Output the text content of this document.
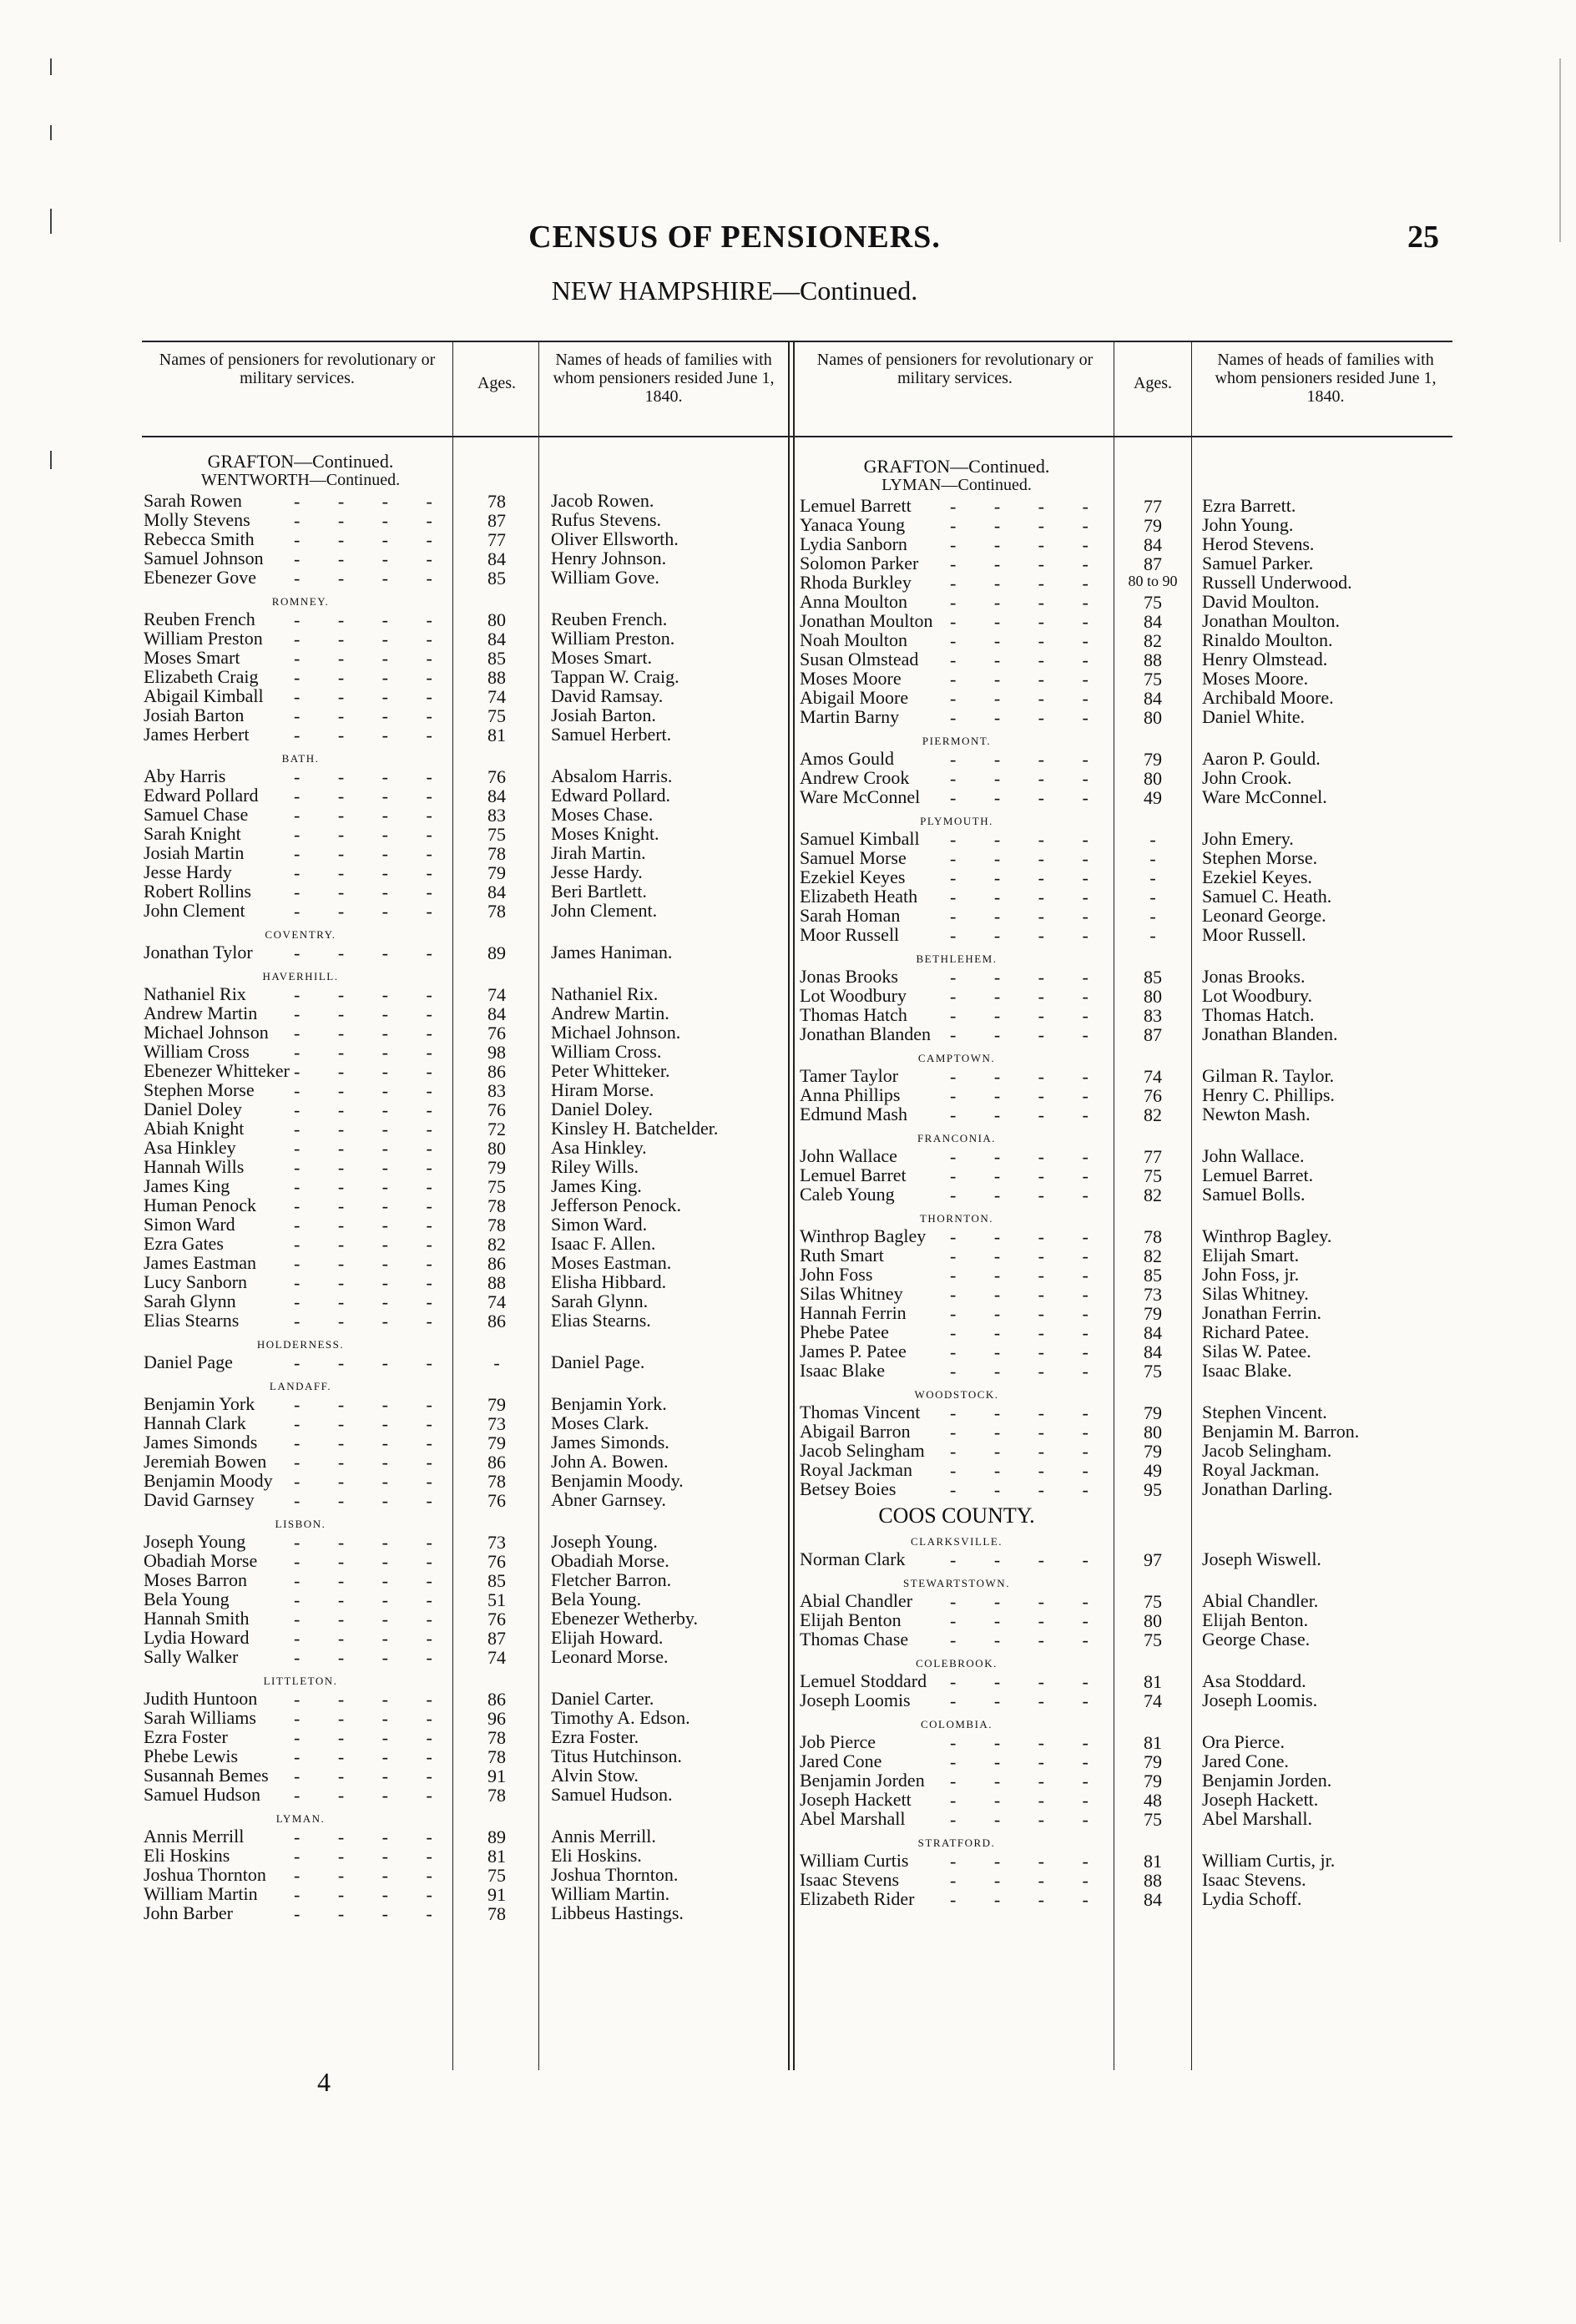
CENSUS OF PENSIONERS.	25
NEW HAMPSHIRE—Continued.
Names of pensioners for revolutionary or military services.	Ages.
Names of heads of families with whom pensioners resided June 1, 1840.
Names of pensioners for revolutionary or military services.	Ages.
Names of heads of families with whom pensioners resided June 1, 1840.
GRAFTON—Continued.
WENTWORTH—Continued.
Sarah Rowen	- - - -	78	Jacob Rowen.
Molly Stevens - - - -	87	Rufus Stevens.
Rebecca Smith - - - -	77	Oliver Ellsworth.
Samuel Johnson - - - -	84	Henry Johnson.
Ebenezer Gove - - - -	85	William Gove.
ROMNEY.
Reuben French - - - -	80	Reuben French.
William Preston - - - -	84	William Preston.
Moses Smart	- - - -	85	Moses Smart.
Elizabeth Craig - - - -	88	Tappan W. Craig.
Abigail Kimball - - - -	74	David Ramsay.
Josiah Barton	- - - -	75	Josiah Barton.
James Herbert - - - -	81	Samuel Herbert.
BATH.
Aby Harris	- - - -	76	Absalom Harris.
Edward Pollard - - - -	84	Edward Pollard.
Samuel Chase - - - -	83	Moses Chase.
Sarah Knight	- - - -	75	Moses Knight.
Josiah Martin	- - - -	78	Jirah Martin.
Jesse Hardy	- - - -	79	Jesse Hardy.
Robert Rollins - - - -	84	Beri Bartlett.
John Clement	- - - -	78	John Clement.
COVENTRY.
Jonathan Tylor - - - -	89	James Haniman.
HAVERHILL.
Nathaniel Rix	- - - -	74	Nathaniel Rix.
Andrew Martin - - - -	84	Andrew Martin.
Michael Johnson - - - -	76	Michael Johnson.
William Cross - - - -	98	William Cross.
Ebenezer Whitteker - - - -	86	Peter Whitteker.
Stephen Morse - - - -	83	Hiram Morse.
Daniel Doley	- - - -	76	Daniel Doley.
Abiah Knight	- - - -	72	Kinsley H. Batchelder.
Asa Hinkley	- - - -	80	Asa Hinkley.
Hannah Wills	- - - -	79	Riley Wills.
James King	- - - -	75	James King.
Human Penock - - - -	78	Jefferson Penock.
Simon Ward	- - - -	78	Simon Ward.
Ezra Gates	- - - -	82	Isaac F. Allen.
James Eastman - - - -	86	Moses Eastman.
Lucy Sanborn	- - - -	88	Elisha Hibbard.
Sarah Glynn	- - - -	74	Sarah Glynn.
Elias Stearns	- - - -	86	Elias Stearns.
HOLDERNESS.
Daniel Page	- - - -	-	Daniel Page.
LANDAFF.
Benjamin York - - - -	79	Benjamin York.
Hannah Clark	- - - -	73	Moses Clark.
James Simonds - - - -	79	James Simonds.
Jeremiah Bowen - - - -	86	John A. Bowen.
Benjamin Moody - - - -	78	Benjamin Moody.
David Garnsey - - - -	76	Abner Garnsey.
LISBON.
Joseph Young	- - - -	73	Joseph Young.
Obadiah Morse - - - -	76	Obadiah Morse.
Moses Barron	- - - -	85	Fletcher Barron.
Bela Young	- - - -	51	Bela Young.
Hannah Smith - - - -	76	Ebenezer Wetherby.
Lydia Howard - - - -	87	Elijah Howard.
Sally Walker	- - - -	74	Leonard Morse.
LITTLETON.
Judith Huntoon - - - -	86	Daniel Carter.
Sarah Williams - - - -	96	Timothy A. Edson.
Ezra Foster	- - - -	78	Ezra Foster.
Phebe Lewis	- - - -	78	Titus Hutchinson.
Susannah Bemes - - - -	91	Alvin Stow.
Samuel Hudson - - - -	78	Samuel Hudson.
LYMAN.
Annis Merrill	- - - -	89	Annis Merrill.
Eli Hoskins	- - - -	81	Eli Hoskins.
Joshua Thornton - - - -	75	Joshua Thornton.
William Martin - - - -	91	William Martin.
John Barber	- - - -	78	Libbeus Hastings.
GRAFTON—Continued.
LYMAN—Continued.
Lemuel Barrett - - - -	77	Ezra Barrett.
Yanaca Young - - - -	79	John Young.
Lydia Sanborn - - - -	84	Herod Stevens.
Solomon Parker - - - -	87	Samuel Parker.
Rhoda Burkley - - - -	80 to 90	Russell Underwood.
Anna Moulton - - - -	75	David Moulton.
Jonathan Moulton - - - -	84	Jonathan Moulton.
Noah Moulton - - - -	82	Rinaldo Moulton.
Susan Olmstead - - - -	88	Henry Olmstead.
Moses Moore	- - - -	75	Moses Moore.
Abigail Moore - - - -	84	Archibald Moore.
Martin Barny	- - - -	80	Daniel White.
PIERMONT.
Amos Gould	- - - -	79	Aaron P. Gould.
Andrew Crook - - - -	80	John Crook.
Ware McConnel - - - -	49	Ware McConnel.
PLYMOUTH.
Samuel Kimball - - - -	-	John Emery.
Samuel Morse - - - -	-	Stephen Morse.
Ezekiel Keyes - - - -	-	Ezekiel Keyes.
Elizabeth Heath - - - -	-	Samuel C. Heath.
Sarah Homan	- - - -	-	Leonard George.
Moor Russell	- - - -	-	Moor Russell.
BETHLEHEM.
Jonas Brooks	- - - -	85	Jonas Brooks.
Lot Woodbury - - - -	80	Lot Woodbury.
Thomas Hatch - - - -	83	Thomas Hatch.
Jonathan Blanden - - - -	87	Jonathan Blanden.
CAMPTOWN.
Tamer Taylor	- - - -	74	Gilman R. Taylor.
Anna Phillips	- - - -	76	Henry C. Phillips.
Edmund Mash - - - -	82	Newton Mash.
FRANCONIA.
John Wallace	- - - -	77	John Wallace.
Lemuel Barret - - - -	75	Lemuel Barret.
Caleb Young	- - - -	82	Samuel Bolls.
THORNTON.
Winthrop Bagley - - - -	78	Winthrop Bagley.
Ruth Smart	- - - -	82	Elijah Smart.
John Foss	- - - -	85	John Foss, jr.
Silas Whitney	- - - -	73	Silas Whitney.
Hannah Ferrin - - - -	79	Jonathan Ferrin.
Phebe Patee	- - - -	84	Richard Patee.
James P. Patee - - - -	84	Silas W. Patee.
Isaac Blake	- - - -	75	Isaac Blake.
WOODSTOCK.
Thomas Vincent - - - -	79	Stephen Vincent.
Abigail Barron - - - -	80	Benjamin M. Barron.
Jacob Selingham - - - -	79	Jacob Selingham.
Royal Jackman - - - -	49	Royal Jackman.
Betsey Boies	- - - -	95	Jonathan Darling.
COOS COUNTY.
CLARKSVILLE.
Norman Clark - - - -	97	Joseph Wiswell.
STEWARTSTOWN.
Abial Chandler - - - -	75	Abial Chandler.
Elijah Benton	- - - -	80	Elijah Benton.
Thomas Chase - - - -	75	George Chase.
COLEBROOK.
Lemuel Stoddard - - - -	81	Asa Stoddard.
Joseph Loomis - - - -	74	Joseph Loomis.
COLOMBIA.
Job Pierce	- - - -	81	Ora Pierce.
Jared Cone	- - - -	79	Jared Cone.
Benjamin Jorden - - - -	79	Benjamin Jorden.
Joseph Hackett - - - -	48	Joseph Hackett.
Abel Marshall - - - -	75	Abel Marshall.
STRATFORD.
William Curtis - - - -	81	William Curtis, jr.
Isaac Stevens	- - - -	88	Isaac Stevens.
Elizabeth Rider - - - -	84	Lydia Schoff.
4
